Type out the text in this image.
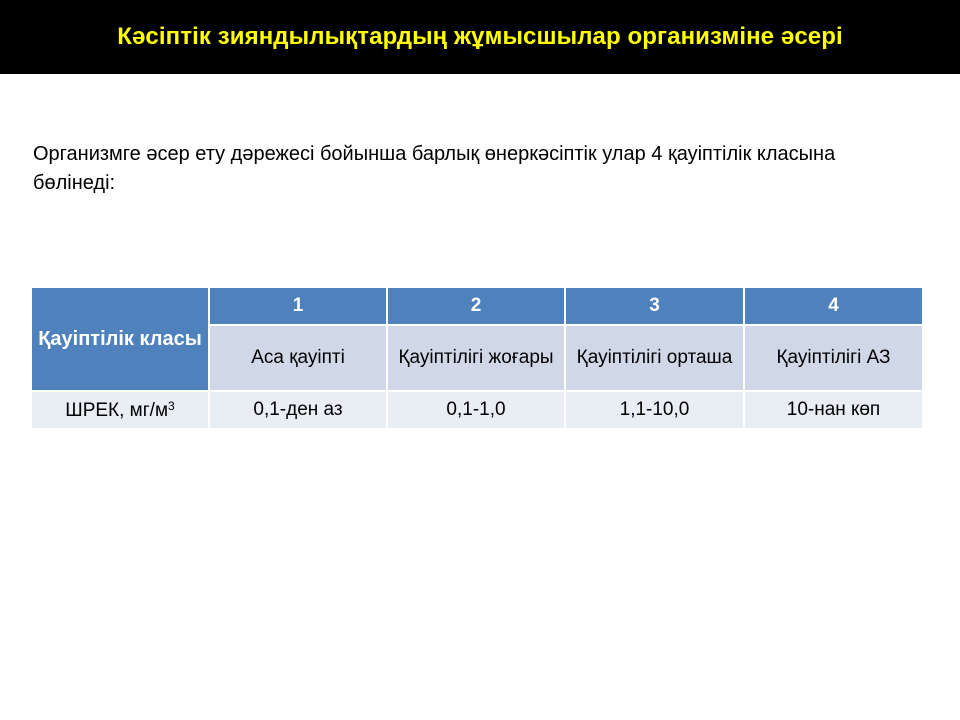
Кәсіптік зияндылықтардың жұмысшылар организміне әсері
Организмге әсер ету дәрежесі бойынша барлық өнеркәсіптік улар 4 қауіптілік класына бөлінеді:
Қауіптілік класы	1	2	3	4
	Аса қауіпті	Қауіптілігі жоғары	Қауіптілігі орташа	Қауіптілігі АЗ
ШРЕК, $мг/м^3$	0,1-ден аз	0,1-1,0	1,1-10,0	10-нан көп
